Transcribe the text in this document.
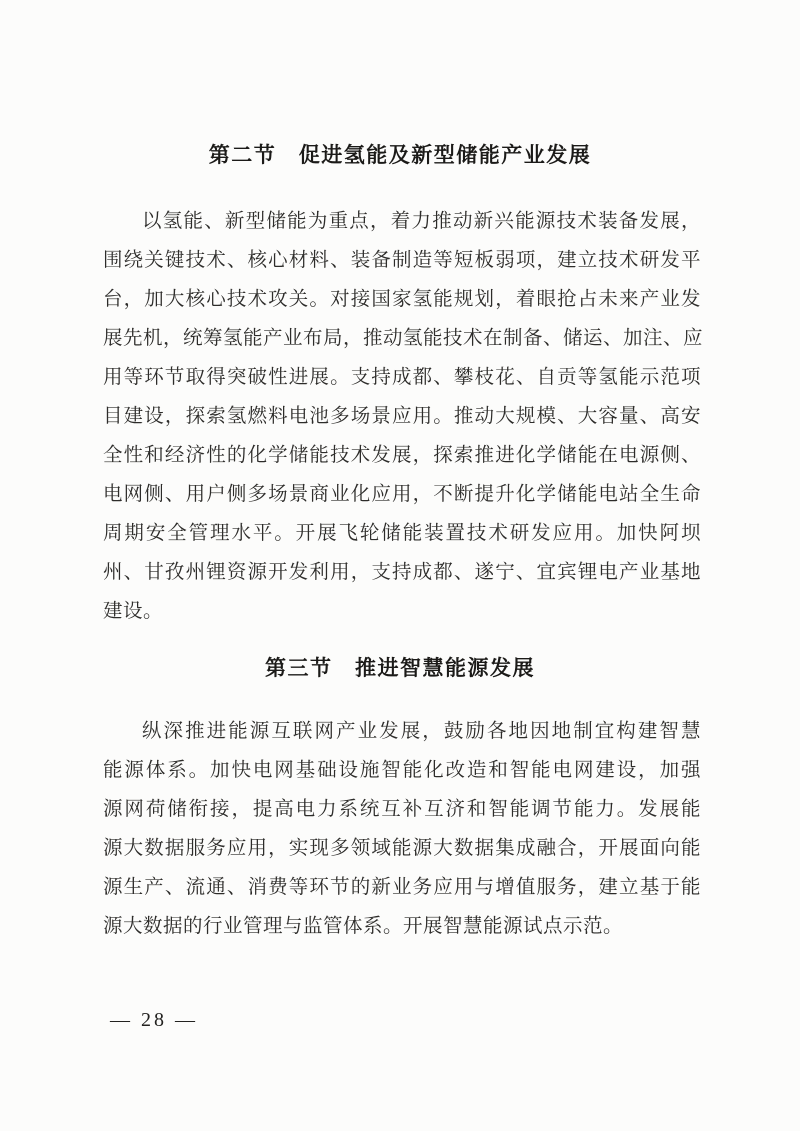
第二节　促进氢能及新型储能产业发展
以氢能、新型储能为重点，着力推动新兴能源技术装备发展，
围绕关键技术、核心材料、装备制造等短板弱项，建立技术研发平
台，加大核心技术攻关。对接国家氢能规划，着眼抢占未来产业发
展先机，统筹氢能产业布局，推动氢能技术在制备、储运、加注、应
用等环节取得突破性进展。支持成都、攀枝花、自贡等氢能示范项
目建设，探索氢燃料电池多场景应用。推动大规模、大容量、高安
全性和经济性的化学储能技术发展，探索推进化学储能在电源侧、
电网侧、用户侧多场景商业化应用，不断提升化学储能电站全生命
周期安全管理水平。开展飞轮储能装置技术研发应用。加快阿坝
州、甘孜州锂资源开发利用，支持成都、遂宁、宜宾锂电产业基地
建设。
第三节　推进智慧能源发展
纵深推进能源互联网产业发展，鼓励各地因地制宜构建智慧
能源体系。加快电网基础设施智能化改造和智能电网建设，加强
源网荷储衔接，提高电力系统互补互济和智能调节能力。发展能
源大数据服务应用，实现多领域能源大数据集成融合，开展面向能
源生产、流通、消费等环节的新业务应用与增值服务，建立基于能
源大数据的行业管理与监管体系。开展智慧能源试点示范。
— 28 —
